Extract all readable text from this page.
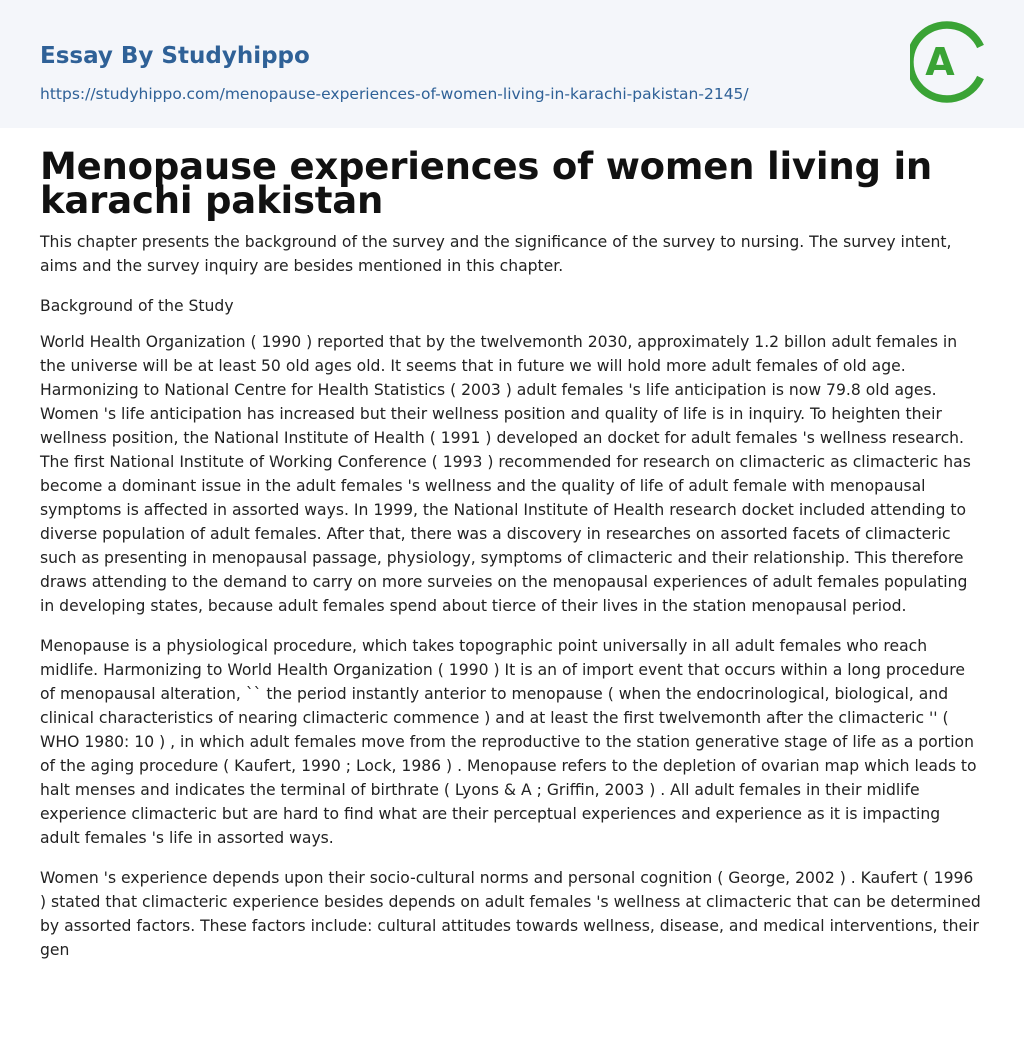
Essay By Studyhippo
https://studyhippo.com/menopause-experiences-of-women-living-in-karachi-pakistan-2145/
A
Menopause experiences of women living in karachi pakistan

This chapter presents the background of the survey and the significance of the survey to nursing. The survey intent, aims and the survey inquiry are besides mentioned in this chapter.

Background of the Study

World Health Organization ( 1990 ) reported that by the twelvemonth 2030, approximately 1.2 billon adult females in the universe will be at least 50 old ages old. It seems that in future we will hold more adult females of old age. Harmonizing to National Centre for Health Statistics ( 2003 ) adult females 's life anticipation is now 79.8 old ages. Women 's life anticipation has increased but their wellness position and quality of life is in inquiry. To heighten their wellness position, the National Institute of Health ( 1991 ) developed an docket for adult females 's wellness research. The first National Institute of Working Conference ( 1993 ) recommended for research on climacteric as climacteric has become a dominant issue in the adult females 's wellness and the quality of life of adult female with menopausal symptoms is affected in assorted ways. In 1999, the National Institute of Health research docket included attending to diverse population of adult females. After that, there was a discovery in researches on assorted facets of climacteric such as presenting in menopausal passage, physiology, symptoms of climacteric and their relationship. This therefore draws attending to the demand to carry on more surveies on the menopausal experiences of adult females populating in developing states, because adult females spend about tierce of their lives in the station menopausal period.

Menopause is a physiological procedure, which takes topographic point universally in all adult females who reach midlife. Harmonizing to World Health Organization ( 1990 ) It is an of import event that occurs within a long procedure of menopausal alteration, `` the period instantly anterior to menopause ( when the endocrinological, biological, and clinical characteristics of nearing climacteric commence ) and at least the first twelvemonth after the climacteric '' ( WHO 1980: 10 ) , in which adult females move from the reproductive to the station generative stage of life as a portion of the aging procedure ( Kaufert, 1990 ; Lock, 1986 ) . Menopause refers to the depletion of ovarian map which leads to halt menses and indicates the terminal of birthrate ( Lyons & A ; Griffin, 2003 ) . All adult females in their midlife experience climacteric but are hard to find what are their perceptual experiences and experience as it is impacting adult females 's life in assorted ways.

Women 's experience depends upon their socio-cultural norms and personal cognition ( George, 2002 ) . Kaufert ( 1996 ) stated that climacteric experience besides depends on adult females 's wellness at climacteric that can be determined by assorted factors. These factors include: cultural attitudes towards wellness, disease, and medical interventions, their gen
